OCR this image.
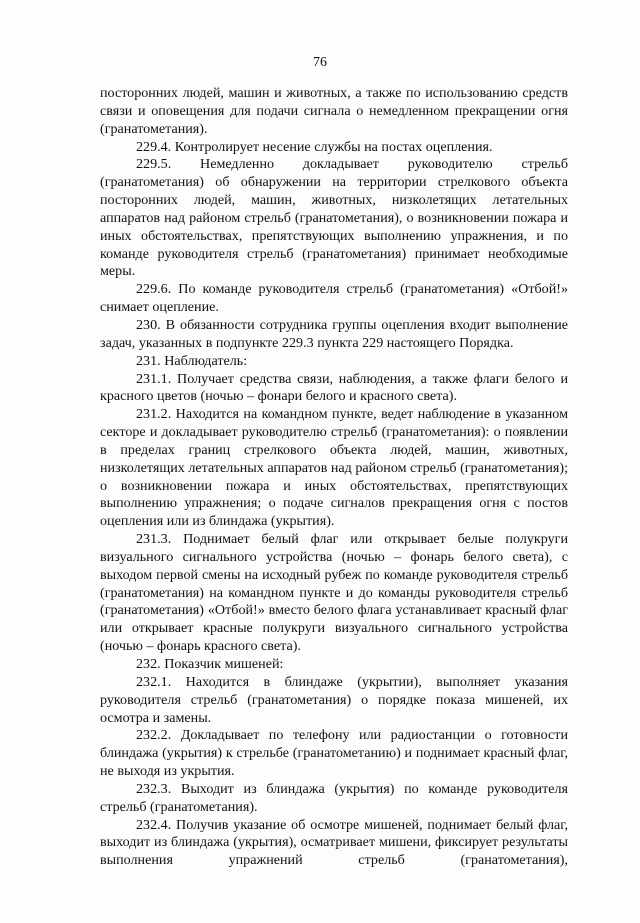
76

посторонних людей, машин и животных, а также по использованию средств связи и оповещения для подачи сигнала о немедленном прекращении огня (гранатометания).

229.4. Контролирует несение службы на постах оцепления.

229.5. Немедленно докладывает руководителю стрельб (гранатометания) об обнаружении на территории стрелкового объекта посторонних людей, машин, животных, низколетящих летательных аппаратов над районом стрельб (гранатометания), о возникновении пожара и иных обстоятельствах, препятствующих выполнению упражнения, и по команде руководителя стрельб (гранатометания) принимает необходимые меры.

229.6. По команде руководителя стрельб (гранатометания) «Отбой!» снимает оцепление.

230. В обязанности сотрудника группы оцепления входит выполнение задач, указанных в подпункте 229.3 пункта 229 настоящего Порядка.

231. Наблюдатель:

231.1. Получает средства связи, наблюдения, а также флаги белого и красного цветов (ночью – фонари белого и красного света).

231.2. Находится на командном пункте, ведет наблюдение в указанном секторе и докладывает руководителю стрельб (гранатометания): о появлении в пределах границ стрелкового объекта людей, машин, животных, низколетящих летательных аппаратов над районом стрельб (гранатометания); о возникновении пожара и иных обстоятельствах, препятствующих выполнению упражнения; о подаче сигналов прекращения огня с постов оцепления или из блиндажа (укрытия).

231.3. Поднимает белый флаг или открывает белые полукруги визуального сигнального устройства (ночью – фонарь белого света), с выходом первой смены на исходный рубеж по команде руководителя стрельб (гранатометания) на командном пункте и до команды руководителя стрельб (гранатометания) «Отбой!» вместо белого флага устанавливает красный флаг или открывает красные полукруги визуального сигнального устройства (ночью – фонарь красного света).

232. Показчик мишеней:

232.1. Находится в блиндаже (укрытии), выполняет указания руководителя стрельб (гранатометания) о порядке показа мишеней, их осмотра и замены.

232.2. Докладывает по телефону или радиостанции о готовности блиндажа (укрытия) к стрельбе (гранатометанию) и поднимает красный флаг, не выходя из укрытия.

232.3. Выходит из блиндажа (укрытия) по команде руководителя стрельб (гранатометания).

232.4. Получив указание об осмотре мишеней, поднимает белый флаг, выходит из блиндажа (укрытия), осматривает мишени, фиксирует результаты выполнения упражнений стрельб (гранатометания),
